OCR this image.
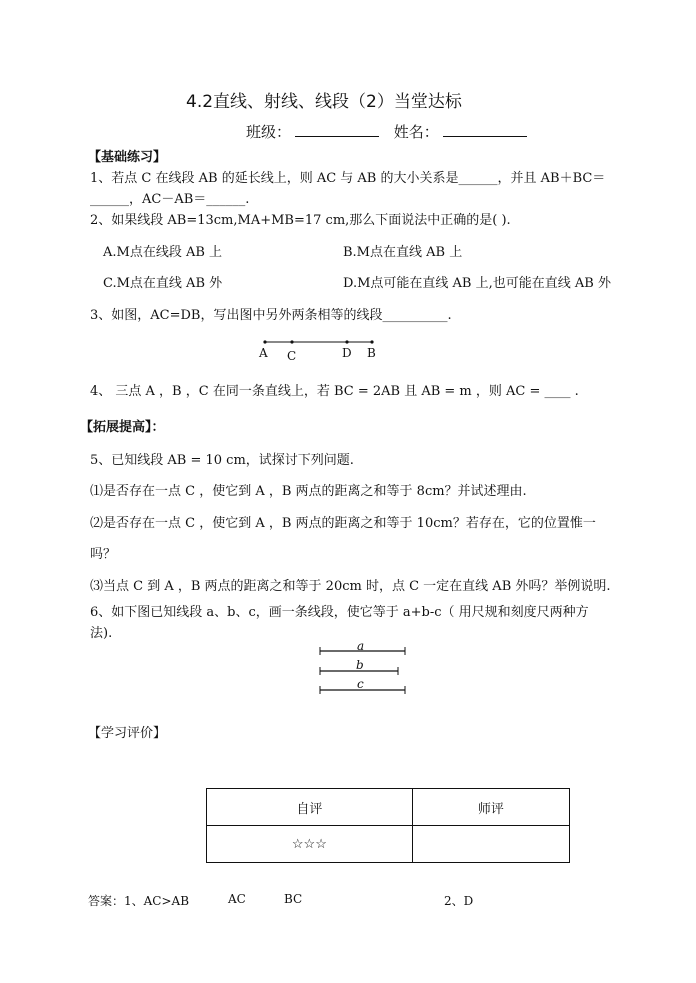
4.2直线、射线、线段（2）当堂达标
班级：	姓名：
【基础练习】
1、若点 C 在线段 AB 的延长线上，则 AC 与 AB 的大小关系是______，并且 AB＋BC＝
______，AC－AB＝______.
2、如果线段 AB=13cm,MA+MB=17 cm,那么下面说法中正确的是( ).
A.M点在线段 AB 上	B.M点在直线 AB 上
C.M点在直线 AB 外	D.M点可能在直线 AB 上,也可能在直线 AB 外
3、如图，AC=DB，写出图中另外两条相等的线段__________.
A C	D B
4、 三点 A ，B ，C 在同一条直线上，若 BC = 2AB 且 AB = m ，则 AC = ____ .
【拓展提高】：
5、已知线段 AB = 10 cm，试探讨下列问题.
⑴是否存在一点 C ，使它到 A ，B 两点的距离之和等于 8cm？并试述理由.
⑵是否存在一点 C ，使它到 A ，B 两点的距离之和等于 10cm？若存在，它的位置惟一
吗？
⑶当点 C 到 A ，B 两点的距离之和等于 20cm 时，点 C 一定在直线 AB 外吗？举例说明.
6、如下图已知线段 a、b、c，画一条线段，使它等于 a+b-c（ 用尺规和刻度尺两种方
法).
a
b
c
【学习评价】
自评	师评
☆☆☆	
答案：1、AC>AB	AC	BC	2、D
